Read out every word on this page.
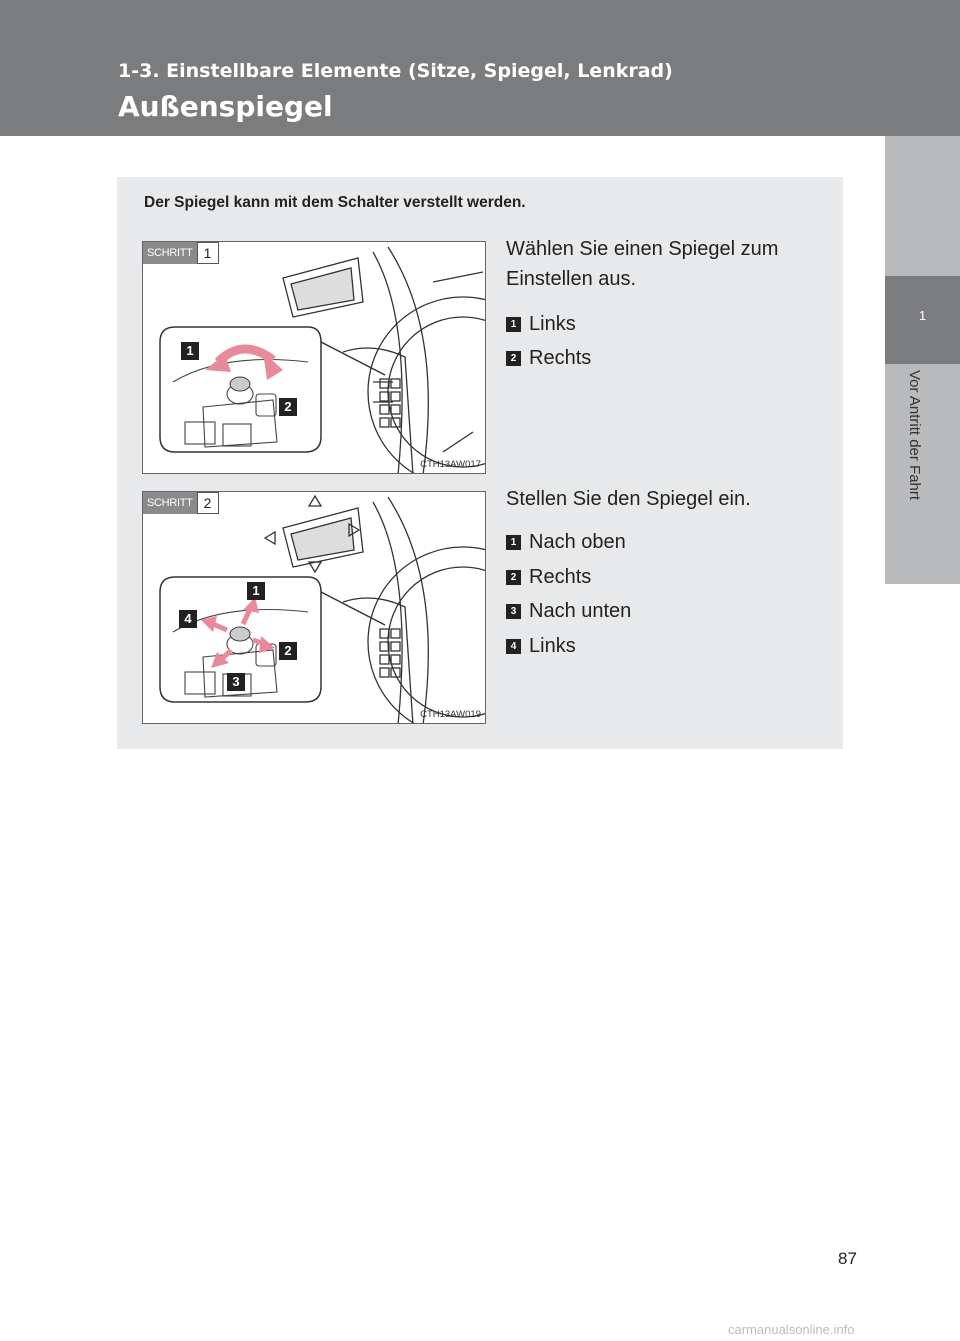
1-3. Einstellbare Elemente (Sitze, Spiegel, Lenkrad)
Außenspiegel
1
Vor Antritt der Fahrt

Der Spiegel kann mit dem Schalter verstellt werden.

SCHRITT 1
1
2
CTH13AW017

Wählen Sie einen Spiegel zum Einstellen aus.

1 Links
2 Rechts
SCHRITT 2
1
2
3
4
CTH13AW019

Stellen Sie den Spiegel ein.

1 Nach oben
2 Rechts
3 Nach unten
4 Links
87
carmanualsonline.info
